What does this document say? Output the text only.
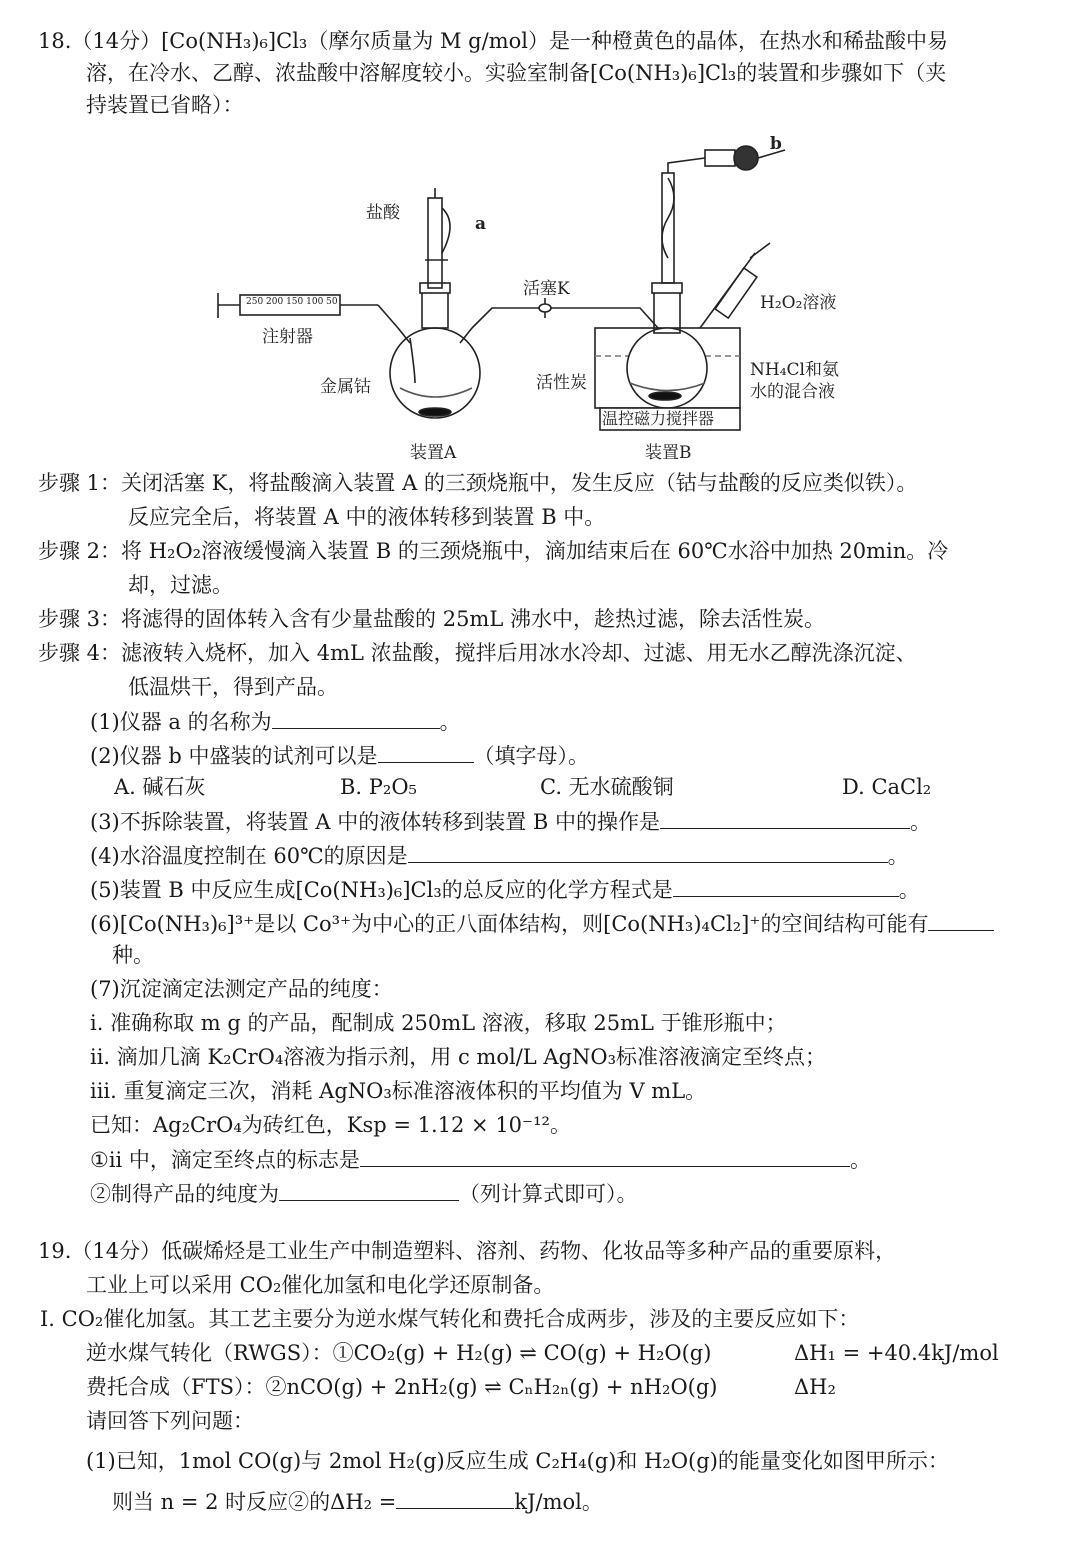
18.（14分）[Co(NH₃)₆]Cl₃（摩尔质量为 M g/mol）是一种橙黄色的晶体，在热水和稀盐酸中易
溶，在冷水、乙醇、浓盐酸中溶解度较小。实验室制备[Co(NH₃)₆]Cl₃的装置和步骤如下（夹
持装置已省略）：
盐酸
a
b
活塞K
注射器
250 200 150 100 50
金属钴	活性炭
H₂O₂溶液
NH₄Cl和氨
水的混合液
温控磁力搅拌器
装置A	装置B
步骤 1：关闭活塞 K，将盐酸滴入装置 A 的三颈烧瓶中，发生反应（钴与盐酸的反应类似铁）。
反应完全后，将装置 A 中的液体转移到装置 B 中。
步骤 2：将 H₂O₂溶液缓慢滴入装置 B 的三颈烧瓶中，滴加结束后在 60℃水浴中加热 20min。冷
却，过滤。
步骤 3：将滤得的固体转入含有少量盐酸的 25mL 沸水中，趁热过滤，除去活性炭。
步骤 4：滤液转入烧杯，加入 4mL 浓盐酸，搅拌后用冰水冷却、过滤、用无水乙醇洗涤沉淀、
低温烘干，得到产品。
(1)仪器 a 的名称为	。
(2)仪器 b 中盛装的试剂可以是	（填字母）。
A. 碱石灰	B. P₂O₅	C. 无水硫酸铜	D. CaCl₂
(3)不拆除装置，将装置 A 中的液体转移到装置 B 中的操作是	。
(4)水浴温度控制在 60℃的原因是	。
(5)装置 B 中反应生成[Co(NH₃)₆]Cl₃的总反应的化学方程式是	。
(6)[Co(NH₃)₆]³⁺是以 Co³⁺为中心的正八面体结构，则[Co(NH₃)₄Cl₂]⁺的空间结构可能有
种。
(7)沉淀滴定法测定产品的纯度：
i. 准确称取 m g 的产品，配制成 250mL 溶液，移取 25mL 于锥形瓶中；
ii. 滴加几滴 K₂CrO₄溶液为指示剂，用 c mol/L AgNO₃标准溶液滴定至终点；
iii. 重复滴定三次，消耗 AgNO₃标准溶液体积的平均值为 V mL。
已知：Ag₂CrO₄为砖红色，Ksp = 1.12 × 10⁻¹²。
①ii 中，滴定至终点的标志是	。
②制得产品的纯度为	（列计算式即可）。
19.（14分）低碳烯烃是工业生产中制造塑料、溶剂、药物、化妆品等多种产品的重要原料，
工业上可以采用 CO₂催化加氢和电化学还原制备。
Ⅰ. CO₂催化加氢。其工艺主要分为逆水煤气转化和费托合成两步，涉及的主要反应如下：
逆水煤气转化（RWGS）：①CO₂(g) + H₂(g) ⇌ CO(g) + H₂O(g)	ΔH₁ = +40.4kJ/mol
费托合成（FTS）：②nCO(g) + 2nH₂(g) ⇌ CₙH₂ₙ(g) + nH₂O(g)	ΔH₂
请回答下列问题：
(1)已知，1mol CO(g)与 2mol H₂(g)反应生成 C₂H₄(g)和 H₂O(g)的能量变化如图甲所示：
则当 n = 2 时反应②的ΔH₂ =	kJ/mol。
